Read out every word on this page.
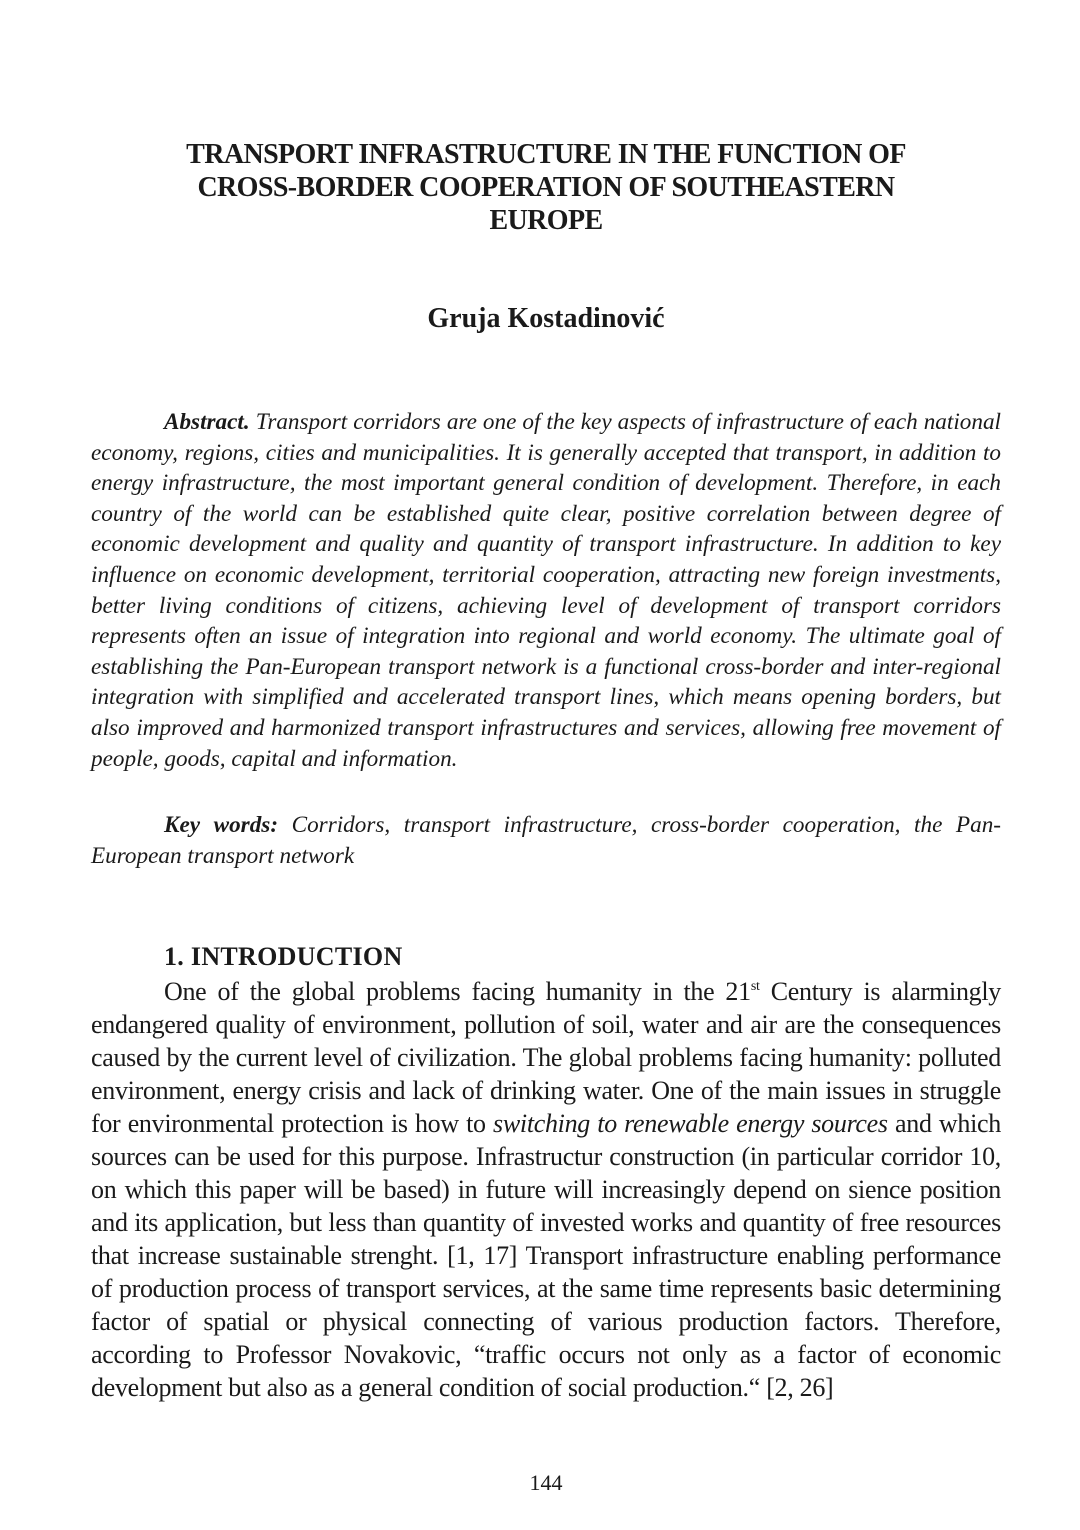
TRANSPORT INFRASTRUCTURE IN THE FUNCTION OF
CROSS-BORDER COOPERATION OF SOUTHEASTERN
EUROPE
Gruja Kostadinović

Abstract. Transport corridors are one of the key aspects of infrastructure of each national economy, regions, cities and municipalities. It is generally accepted that transport, in addition to energy infrastructure, the most important general condition of development. Therefore, in each country of the world can be established quite clear, positive correlation between degree of economic development and quality and quantity of transport infrastructure. In addition to key influence on economic development, territorial cooperation, attracting new foreign investments, better living conditions of citizens, achieving level of development of transport corridors represents often an issue of integration into regional and world economy. The ultimate goal of establishing the Pan-European transport network is a functional cross-border and inter-regional integration with simplified and accelerated transport lines, which means opening borders, but also improved and harmonized transport infrastructures and services, allowing free movement of people, goods, capital and information.

Key words: Corridors, transport infrastructure, cross-border cooperation, the Pan-European transport network

1. INTRODUCTION

One of the global problems facing humanity in the 21st Century is alarmingly endangered quality of environment, pollution of soil, water and air are the consequences caused by the current level of civilization. The global problems facing humanity: polluted environment, energy crisis and lack of drinking water. One of the main issues in struggle for environmental protection is how to switching to renewable energy sources and which sources can be used for this purpose. Infrastructur construction (in particular corridor 10, on which this paper will be based) in future will increasingly depend on sience position and its application, but less than quantity of invested works and quantity of free resources that increase sustainable strenght. [1, 17] Transport infrastructure enabling performance of production process of transport services, at the same time represents basic determining factor of spatial or physical connecting of various production factors. Therefore, according to Professor Novakovic, “traffic occurs not only as a factor of economic development but also as a general condition of social production.“ [2, 26]

144
